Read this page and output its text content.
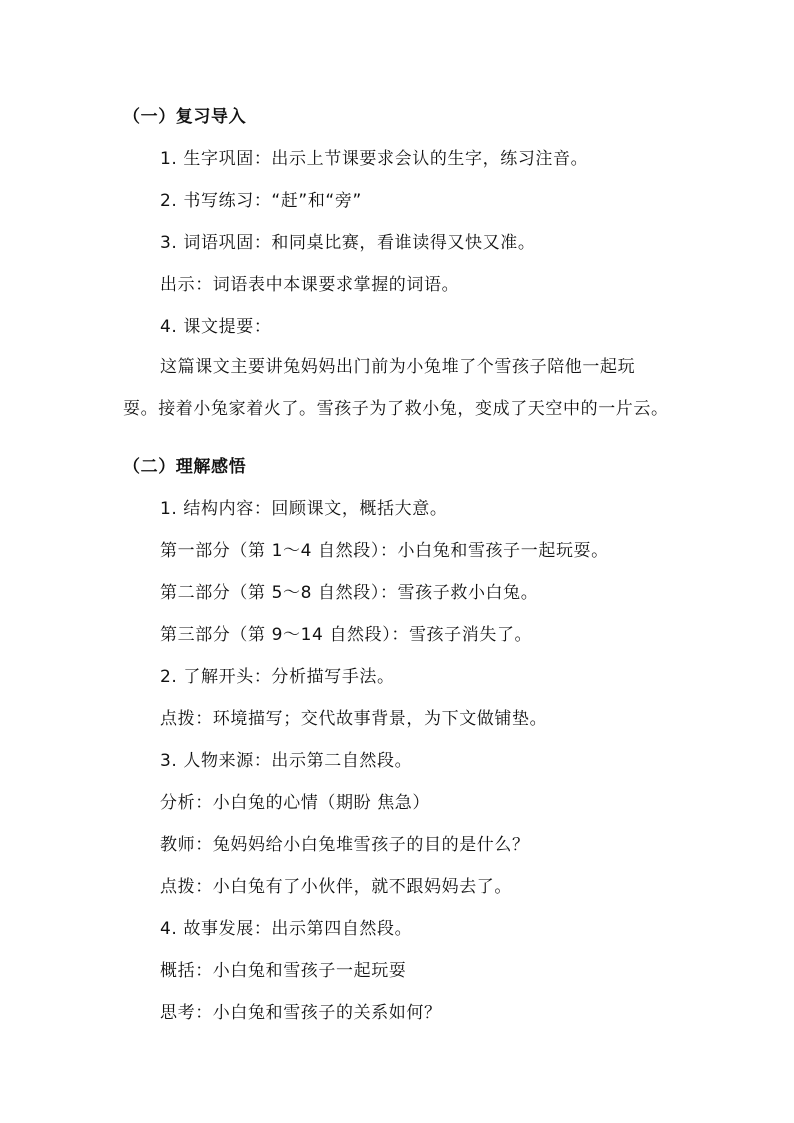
（一）复习导入

1. 生字巩固：出示上节课要求会认的生字，练习注音。

2. 书写练习：“赶”和“旁”

3. 词语巩固：和同桌比赛，看谁读得又快又准。

出示：词语表中本课要求掌握的词语。

4. 课文提要：

这篇课文主要讲兔妈妈出门前为小兔堆了个雪孩子陪他一起玩

耍。接着小兔家着火了。雪孩子为了救小兔，变成了天空中的一片云。

（二）理解感悟

1. 结构内容：回顾课文，概括大意。

第一部分（第 1～4 自然段）：小白兔和雪孩子一起玩耍。

第二部分（第 5～8 自然段）：雪孩子救小白兔。

第三部分（第 9～14 自然段）：雪孩子消失了。

2. 了解开头：分析描写手法。

点拨：环境描写；交代故事背景，为下文做铺垫。

3. 人物来源：出示第二自然段。

分析：小白兔的心情（期盼 焦急）

教师：兔妈妈给小白兔堆雪孩子的目的是什么？

点拨：小白兔有了小伙伴，就不跟妈妈去了。

4. 故事发展：出示第四自然段。

概括：小白兔和雪孩子一起玩耍

思考：小白兔和雪孩子的关系如何？
